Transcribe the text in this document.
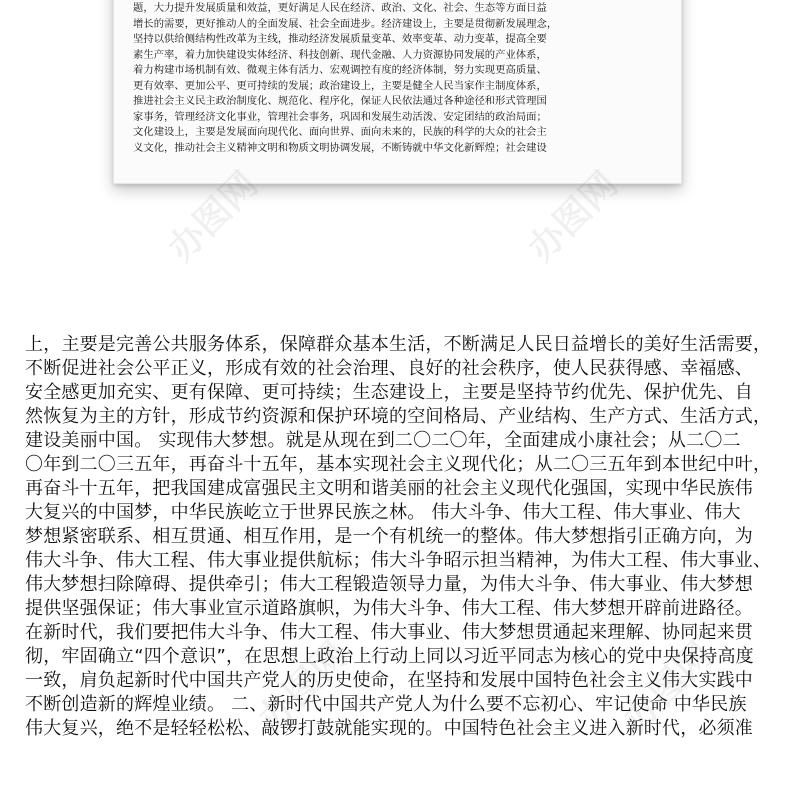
题，大力提升发展质量和效益，更好满足人民在经济、政治、文化、社会、生态等方面日益
增长的需要，更好推动人的全面发展、社会全面进步。经济建设上，主要是贯彻新发展理念，
坚持以供给侧结构性改革为主线，推动经济发展质量变革、效率变革、动力变革，提高全要
素生产率，着力加快建设实体经济、科技创新、现代金融、人力资源协同发展的产业体系，
着力构建市场机制有效、微观主体有活力、宏观调控有度的经济体制，努力实现更高质量、
更有效率、更加公平、更可持续的发展；政治建设上，主要是健全人民当家作主制度体系，
推进社会主义民主政治制度化、规范化、程序化，保证人民依法通过各种途径和形式管理国
家事务，管理经济文化事业，管理社会事务，巩固和发展生动活泼、安定团结的政治局面；
文化建设上，主要是发展面向现代化、面向世界、面向未来的，民族的科学的大众的社会主
义文化，推动社会主义精神文明和物质文明协调发展，不断铸就中华文化新辉煌；社会建设
办图网	办图网
上，主要是完善公共服务体系，保障群众基本生活，不断满足人民日益增长的美好生活需要，
不断促进社会公平正义，形成有效的社会治理、良好的社会秩序，使人民获得感、幸福感、
安全感更加充实、更有保障、更可持续；生态建设上，主要是坚持节约优先、保护优先、自
然恢复为主的方针，形成节约资源和保护环境的空间格局、产业结构、生产方式、生活方式，
建设美丽中国。 实现伟大梦想。就是从现在到二〇二〇年，全面建成小康社会；从二〇二
〇年到二〇三五年，再奋斗十五年，基本实现社会主义现代化；从二〇三五年到本世纪中叶，
再奋斗十五年，把我国建成富强民主文明和谐美丽的社会主义现代化强国，实现中华民族伟
大复兴的中国梦，中华民族屹立于世界民族之林。 伟大斗争、伟大工程、伟大事业、伟大
梦想紧密联系、相互贯通、相互作用，是一个有机统一的整体。伟大梦想指引正确方向，为
伟大斗争、伟大工程、伟大事业提供航标；伟大斗争昭示担当精神，为伟大工程、伟大事业、
伟大梦想扫除障碍、提供牵引；伟大工程锻造领导力量，为伟大斗争、伟大事业、伟大梦想
提供坚强保证；伟大事业宣示道路旗帜，为伟大斗争、伟大工程、伟大梦想开辟前进路径。
在新时代，我们要把伟大斗争、伟大工程、伟大事业、伟大梦想贯通起来理解、协同起来贯
彻，牢固确立“四个意识”，在思想上政治上行动上同以习近平同志为核心的党中央保持高度
一致，肩负起新时代中国共产党人的历史使命，在坚持和发展中国特色社会主义伟大实践中
不断创造新的辉煌业绩。 二、新时代中国共产党人为什么要不忘初心、牢记使命 中华民族
伟大复兴，绝不是轻轻松松、敲锣打鼓就能实现的。中国特色社会主义进入新时代，必须准
